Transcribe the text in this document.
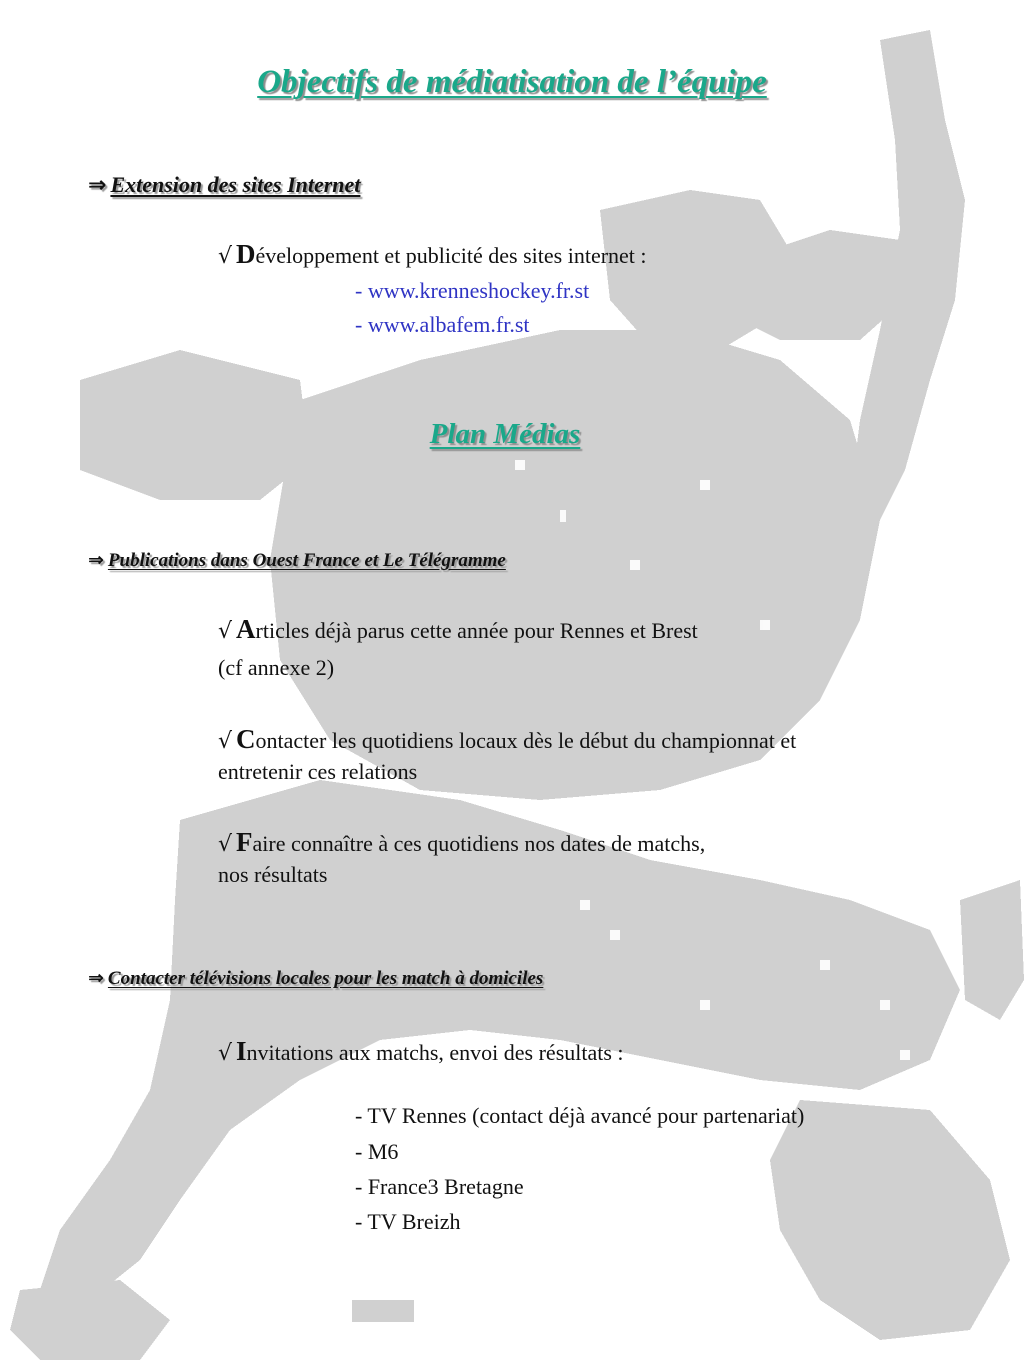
Objectifs de médiatisation de l’équipe
⇒ Extension des sites Internet
√ Développement et publicité des sites internet :
- www.krenneshockey.fr.st
- www.albafem.fr.st
Plan Médias
⇒ Publications dans Ouest France et Le Télégramme
√ Articles déjà parus cette année pour Rennes et Brest
(cf annexe 2)
√ Contacter les quotidiens locaux dès le début du championnat et
entretenir ces relations
√ Faire connaître à ces quotidiens nos dates de matchs,
nos résultats
⇒ Contacter télévisions locales pour les match à domiciles
√ Invitations aux matchs, envoi des résultats :
- TV Rennes (contact déjà avancé pour partenariat)
- M6
- France3 Bretagne
- TV Breizh
